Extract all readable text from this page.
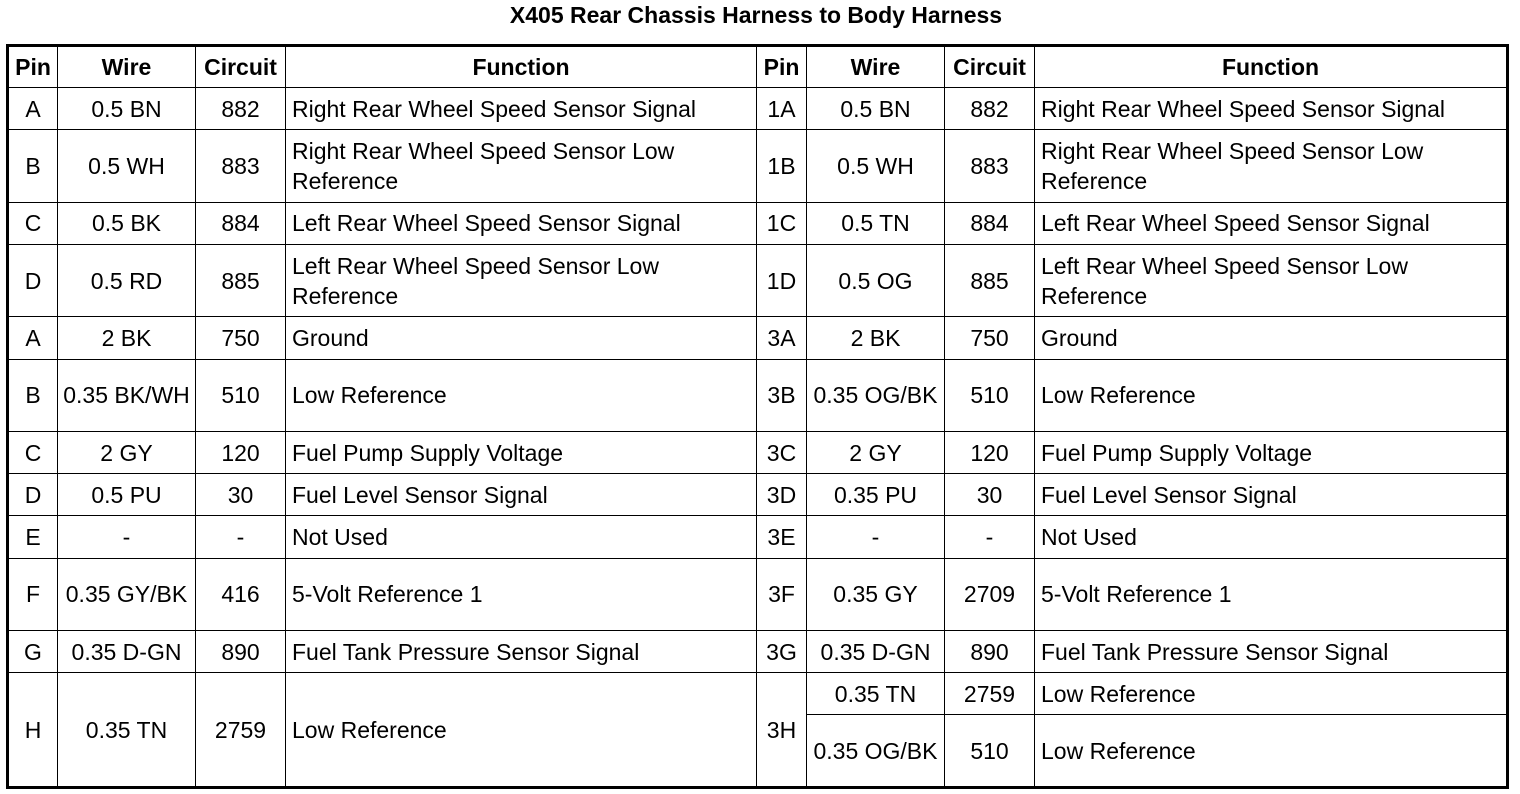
X405 Rear Chassis Harness to Body Harness
Pin	Wire	Circuit	Function	Pin	Wire	Circuit	Function
A	0.5 BN	882	Right Rear Wheel Speed Sensor Signal	1A	0.5 BN	882	Right Rear Wheel Speed Sensor Signal
B	0.5 WH	883	Right Rear Wheel Speed Sensor Low Reference	1B	0.5 WH	883	Right Rear Wheel Speed Sensor Low Reference
C	0.5 BK	884	Left Rear Wheel Speed Sensor Signal	1C	0.5 TN	884	Left Rear Wheel Speed Sensor Signal
D	0.5 RD	885	Left Rear Wheel Speed Sensor Low Reference	1D	0.5 OG	885	Left Rear Wheel Speed Sensor Low Reference
A	2 BK	750	Ground	3A	2 BK	750	Ground
B	0.35 BK/WH	510	Low Reference	3B	0.35 OG/BK	510	Low Reference
C	2 GY	120	Fuel Pump Supply Voltage	3C	2 GY	120	Fuel Pump Supply Voltage
D	0.5 PU	30	Fuel Level Sensor Signal	3D	0.35 PU	30	Fuel Level Sensor Signal
E	-	-	Not Used	3E	-	-	Not Used
F	0.35 GY/BK	416	5-Volt Reference 1	3F	0.35 GY	2709	5-Volt Reference 1
G	0.35 D-GN	890	Fuel Tank Pressure Sensor Signal	3G	0.35 D-GN	890	Fuel Tank Pressure Sensor Signal
H	0.35 TN	2759	Low Reference	3H	0.35 TN	2759	Low Reference
					0.35 OG/BK	510	Low Reference
